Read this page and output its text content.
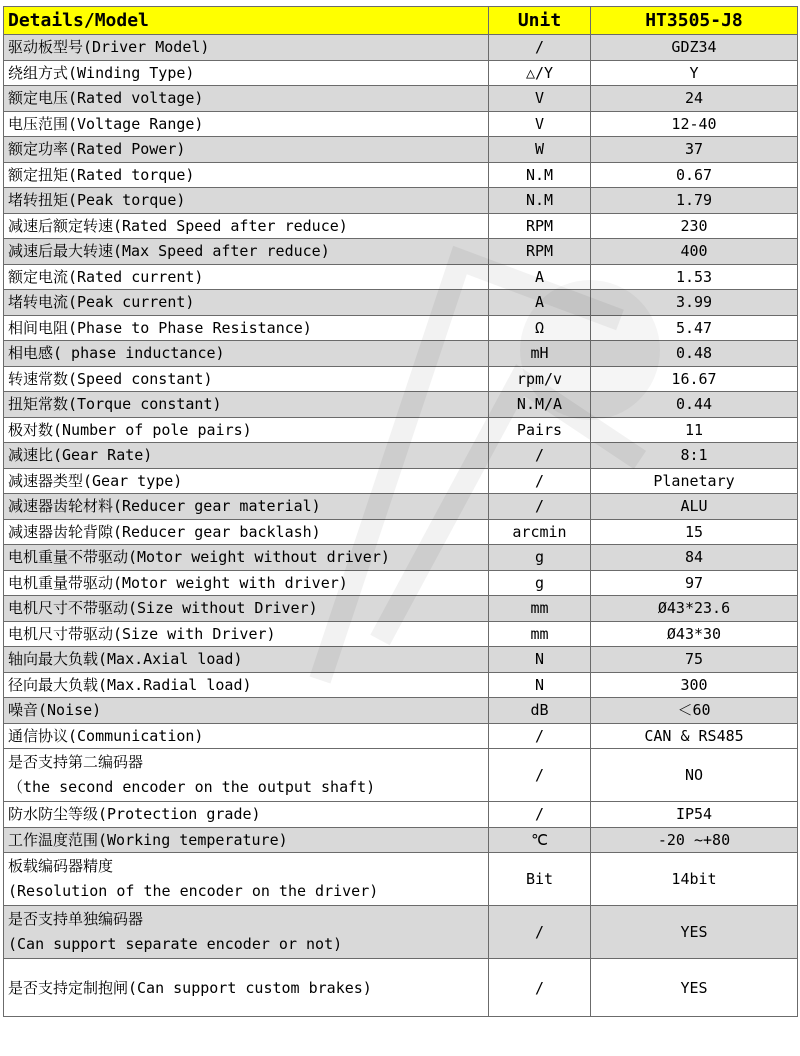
Details/Model	Unit	HT3505-J8
驱动板型号(Driver Model)	/	GDZ34
绕组方式(Winding Type)	△/Y	Y
额定电压(Rated voltage)	V	24
电压范围(Voltage Range)	V	12-40
额定功率(Rated Power)	W	37
额定扭矩(Rated torque)	N.M	0.67
堵转扭矩(Peak torque)	N.M	1.79
减速后额定转速(Rated Speed after reduce)	RPM	230
减速后最大转速(Max Speed after reduce)	RPM	400
额定电流(Rated current)	A	1.53
堵转电流(Peak current)	A	3.99
相间电阻(Phase to Phase Resistance)	Ω	5.47
相电感( phase inductance)	mH	0.48
转速常数(Speed constant)	rpm/v	16.67
扭矩常数(Torque constant)	N.M/A	0.44
极对数(Number of pole pairs)	Pairs	11
减速比(Gear Rate)	/	8:1
减速器类型(Gear type)	/	Planetary
减速器齿轮材料(Reducer gear material)	/	ALU
减速器齿轮背隙(Reducer gear backlash)	arcmin	15
电机重量不带驱动(Motor weight without driver)	g	84
电机重量带驱动(Motor weight with driver)	g	97
电机尺寸不带驱动(Size without Driver)	mm	Ø43*23.6
电机尺寸带驱动(Size with Driver)	mm	Ø43*30
轴向最大负载(Max.Axial load)	N	75
径向最大负载(Max.Radial load)	N	300
噪音(Noise)	dB	＜60
通信协议(Communication)	/	CAN & RS485

是否支持第二编码器
（the second encoder on the output shaft)	/	NO
防水防尘等级(Protection grade)	/	IP54
工作温度范围(Working temperature)	℃	-20 ~+80

板载编码器精度
(Resolution of the encoder on the driver)	Bit	14bit

是否支持单独编码器
(Can support separate encoder or not)	/	YES
是否支持定制抱闸(Can support custom brakes)	/	YES
